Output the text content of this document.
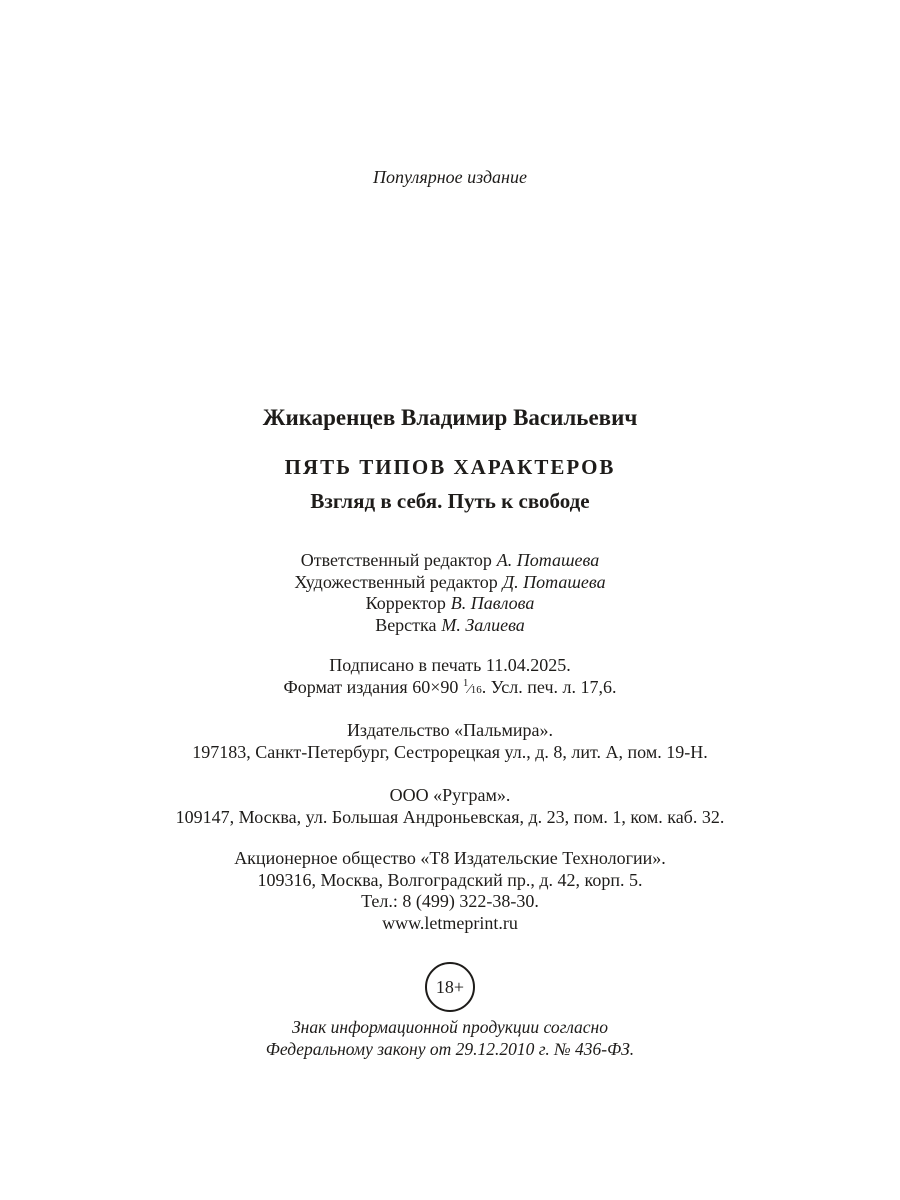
Популярное издание
Жикаренцев Владимир Васильевич
ПЯТЬ ТИПОВ ХАРАКТЕРОВ
Взгляд в себя. Путь к свободе
Ответственный редактор А. Поташева
Художественный редактор Д. Поташева
Корректор В. Павлова
Верстка М. Залиева
Подписано в печать 11.04.2025.
Формат издания 60×90 $^1$⁄16. Усл. печ. л. 17,6.
Издательство «Пальмира».
197183, Санкт-Петербург, Сестрорецкая ул., д. 8, лит. А, пом. 19-Н.
ООО «Руграм».
109147, Москва, ул. Большая Андроньевская, д. 23, пом. 1, ком. каб. 32.
Акционерное общество «Т8 Издательские Технологии».
109316, Москва, Волгоградский пр., д. 42, корп. 5.
Тел.: 8 (499) 322-38-30.
www.letmeprint.ru
18+
Знак информационной продукции согласно
Федеральному закону от 29.12.2010 г. № 436-ФЗ.
